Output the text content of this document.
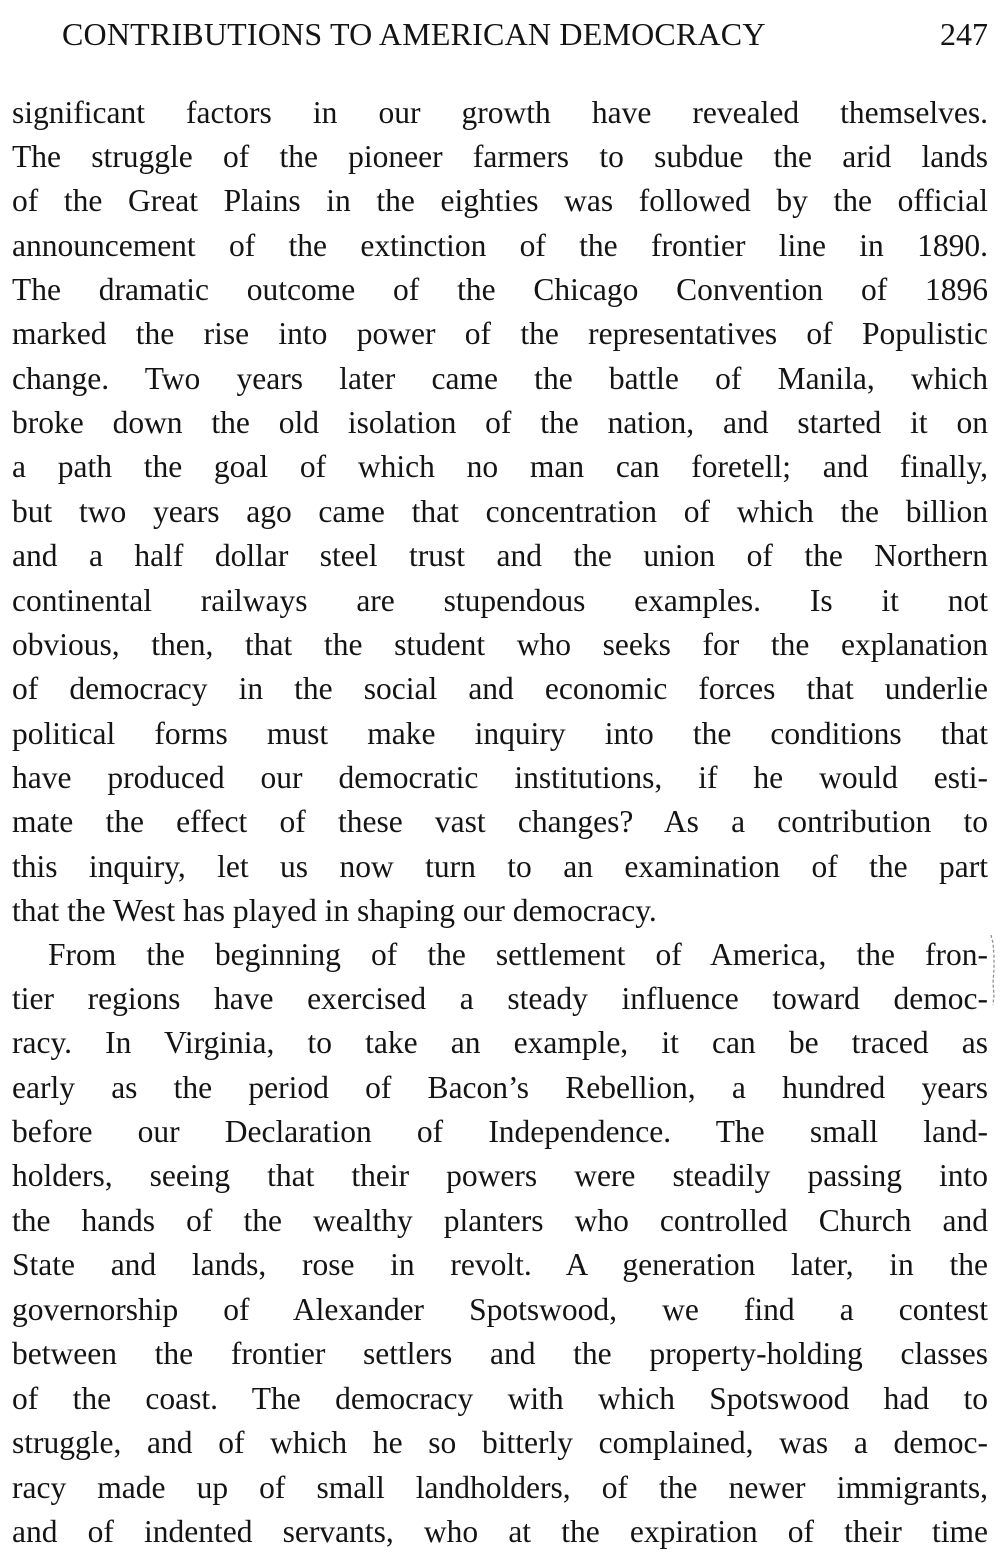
CONTRIBUTIONS TO AMERICAN DEMOCRACY	247
significant factors in our growth have revealed themselves.
The struggle of the pioneer farmers to subdue the arid lands
of the Great Plains in the eighties was followed by the official
announcement of the extinction of the frontier line in 1890.
The dramatic outcome of the Chicago Convention of 1896
marked the rise into power of the representatives of Populistic
change. Two years later came the battle of Manila, which
broke down the old isolation of the nation, and started it on
a path the goal of which no man can foretell; and finally,
but two years ago came that concentration of which the billion
and a half dollar steel trust and the union of the Northern
continental railways are stupendous examples. Is it not
obvious, then, that the student who seeks for the explanation
of democracy in the social and economic forces that underlie
political forms must make inquiry into the conditions that
have produced our democratic institutions, if he would esti-
mate the effect of these vast changes? As a contribution to
this inquiry, let us now turn to an examination of the part
that the West has played in shaping our democracy.
From the beginning of the settlement of America, the fron-
tier regions have exercised a steady influence toward democ-
racy. In Virginia, to take an example, it can be traced as
early as the period of Bacon’s Rebellion, a hundred years
before our Declaration of Independence. The small land-
holders, seeing that their powers were steadily passing into
the hands of the wealthy planters who controlled Church and
State and lands, rose in revolt. A generation later, in the
governorship of Alexander Spotswood, we find a contest
between the frontier settlers and the property-holding classes
of the coast. The democracy with which Spotswood had to
struggle, and of which he so bitterly complained, was a democ-
racy made up of small landholders, of the newer immigrants,
and of indented servants, who at the expiration of their time
